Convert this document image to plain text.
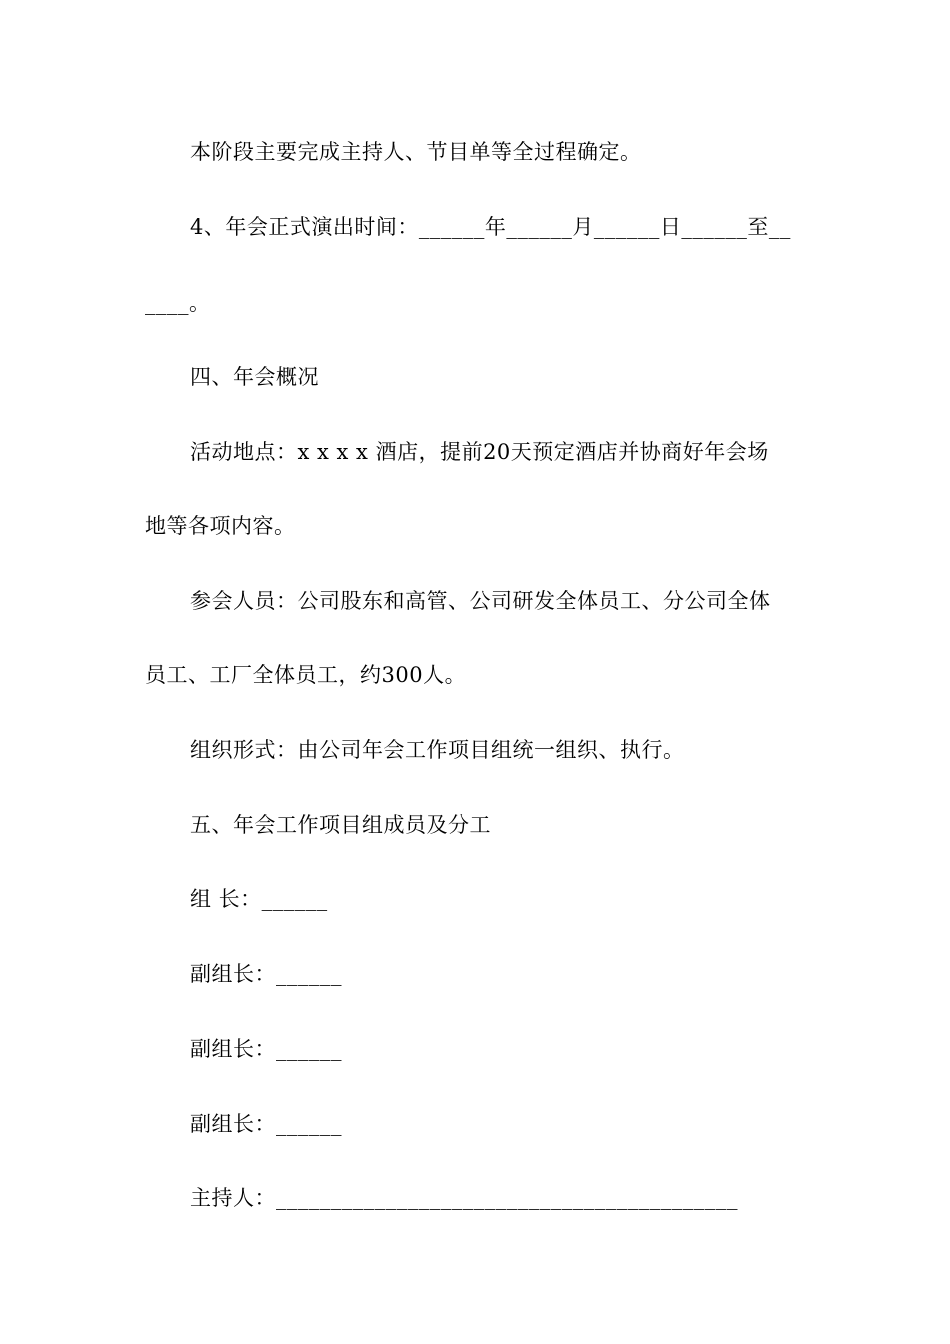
本阶段主要完成主持人、节目单等全过程确定。
4、年会正式演出时间：______年______月______日______至__
____。
四、年会概况
活动地点：x x x x 酒店，提前20天预定酒店并协商好年会场
地等各项内容。
参会人员：公司股东和高管、公司研发全体员工、分公司全体
员工、工厂全体员工，约300人。
组织形式：由公司年会工作项目组统一组织、执行。
五、年会工作项目组成员及分工
组 长：______
副组长：______
副组长：______
副组长：______
主持人：__________________________________________
